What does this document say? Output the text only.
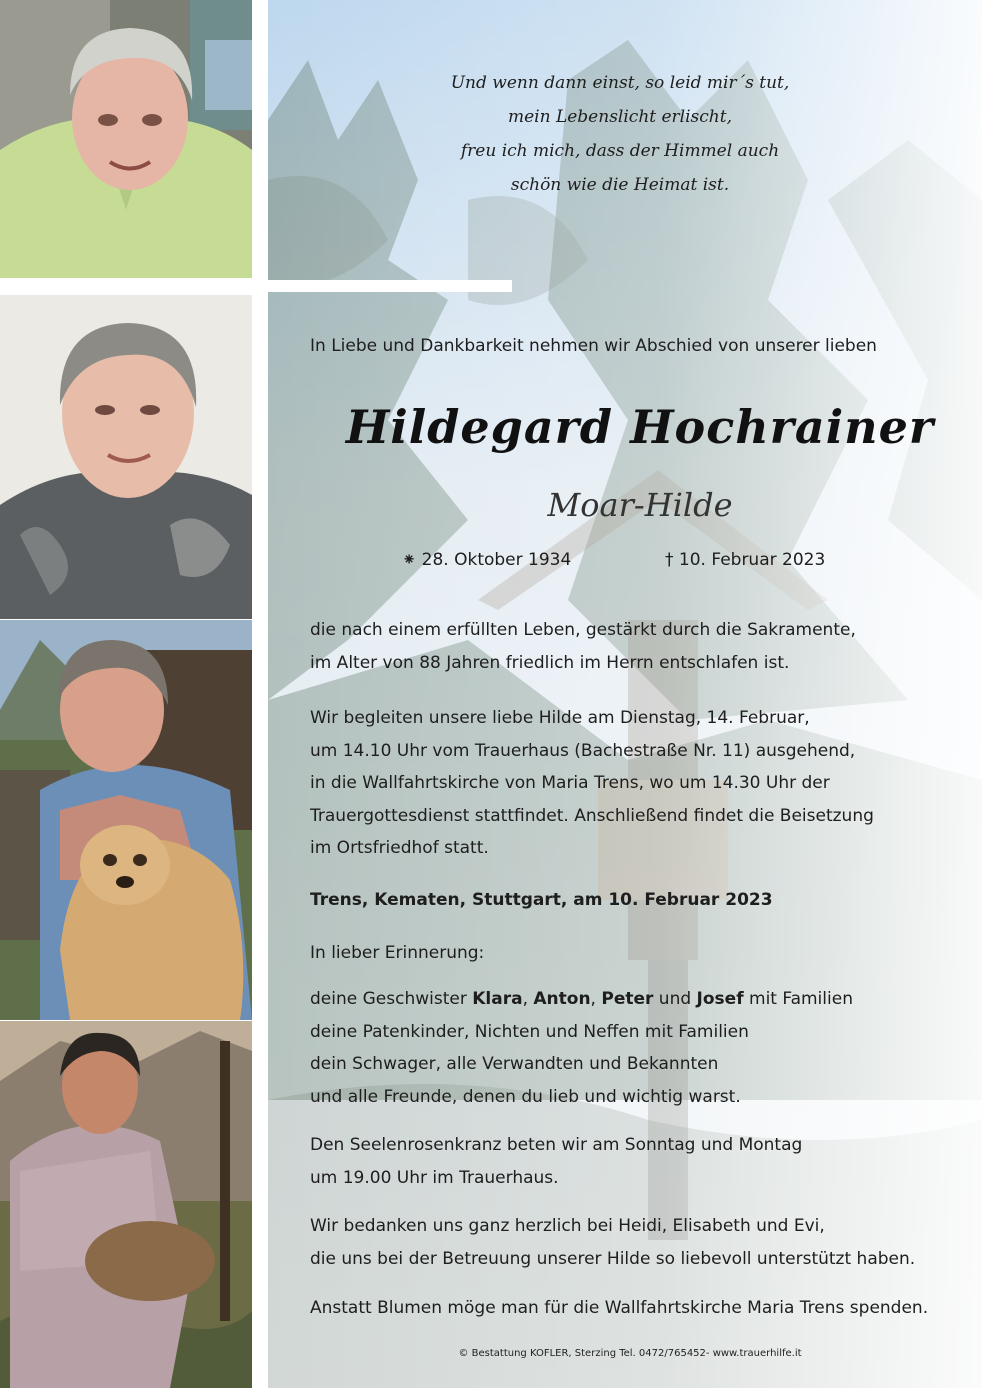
Und wenn dann einst, so leid mir´s tut,
mein Lebenslicht erlischt,
freu ich mich, dass der Himmel auch
schön wie die Heimat ist.
In Liebe und Dankbarkeit nehmen wir Abschied von unserer lieben
Hildegard Hochrainer
Moar-Hilde
⁕ 28. Oktober 1934	† 10. Februar 2023
die nach einem erfüllten Leben, gestärkt durch die Sakramente,
im Alter von 88 Jahren friedlich im Herrn entschlafen ist.
Wir begleiten unsere liebe Hilde am Dienstag, 14. Februar,
um 14.10 Uhr vom Trauerhaus (Bachestraße Nr. 11) ausgehend,
in die Wallfahrtskirche von Maria Trens, wo um 14.30 Uhr der
Trauergottesdienst stattfindet. Anschließend findet die Beisetzung
im Ortsfriedhof statt.
Trens, Kematen, Stuttgart, am 10. Februar 2023
In lieber Erinnerung:
deine Geschwister Klara, Anton, Peter und Josef mit Familien
deine Patenkinder, Nichten und Neffen mit Familien
dein Schwager, alle Verwandten und Bekannten
und alle Freunde, denen du lieb und wichtig warst.
Den Seelenrosenkranz beten wir am Sonntag und Montag
um 19.00 Uhr im Trauerhaus.
Wir bedanken uns ganz herzlich bei Heidi, Elisabeth und Evi,
die uns bei der Betreuung unserer Hilde so liebevoll unterstützt haben.
Anstatt Blumen möge man für die Wallfahrtskirche Maria Trens spenden.
© Bestattung KOFLER, Sterzing Tel. 0472/765452- www.trauerhilfe.it
